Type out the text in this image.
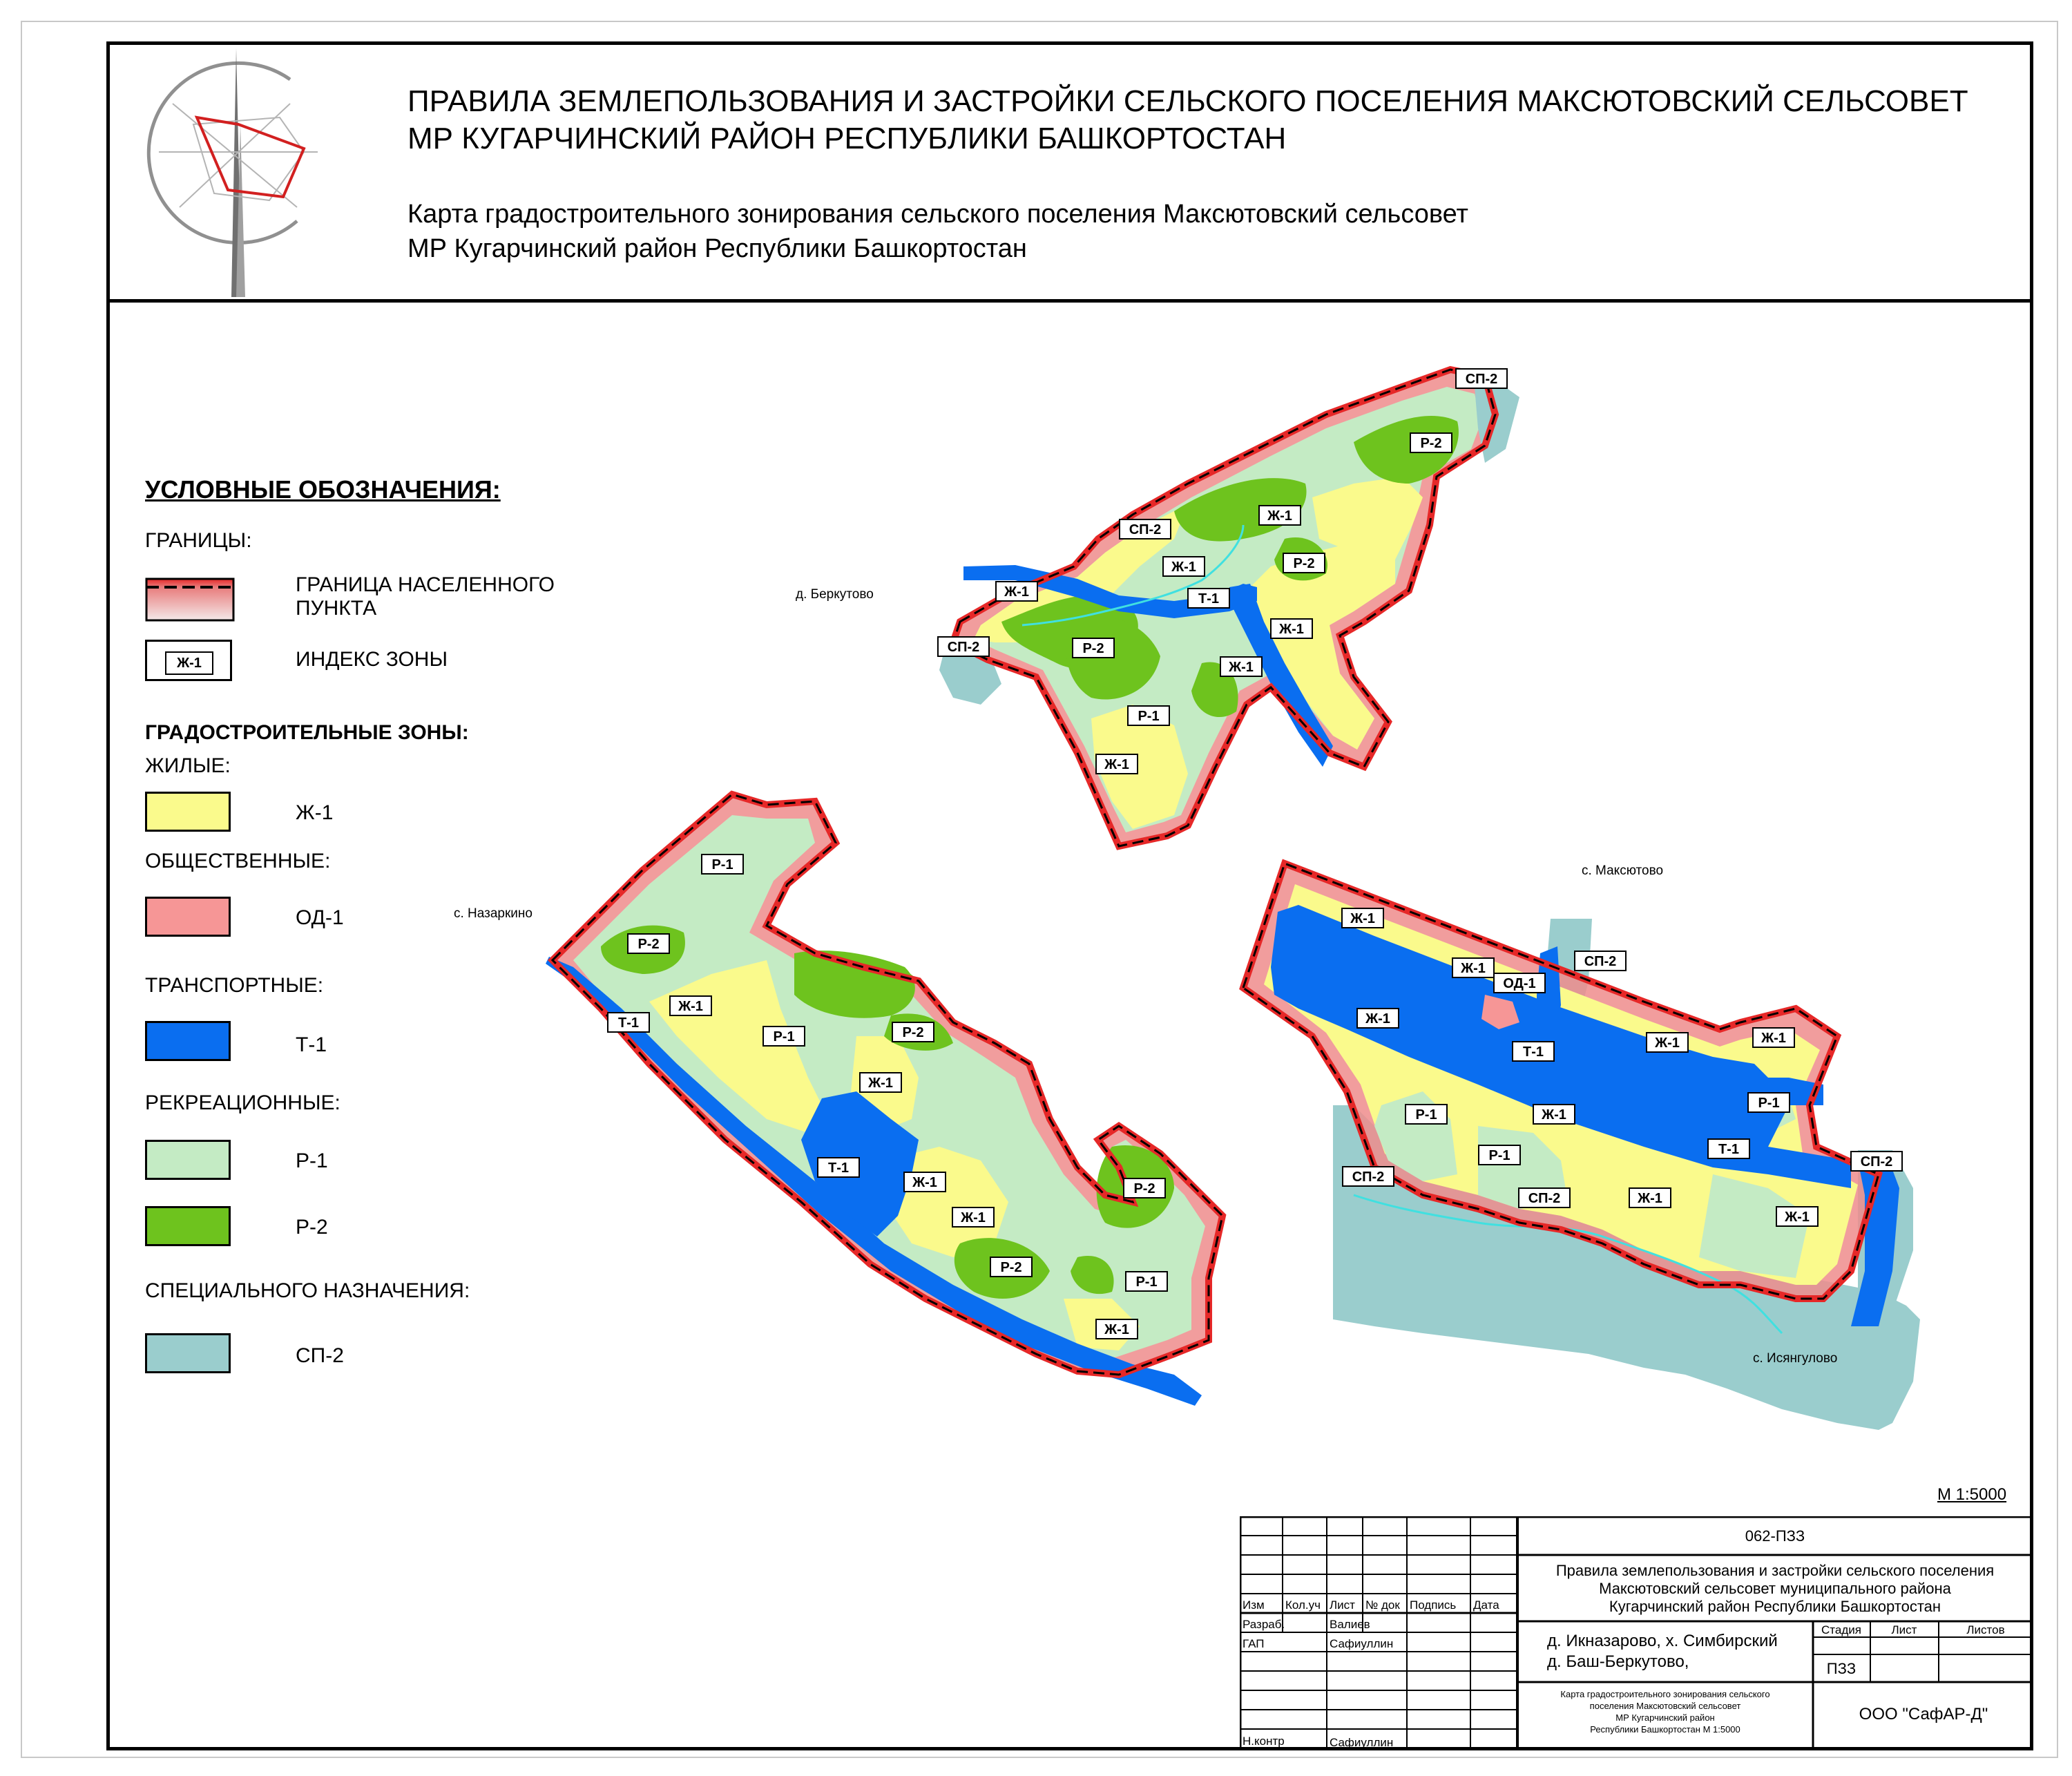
ПРАВИЛА ЗЕМЛЕПОЛЬЗОВАНИЯ И ЗАСТРОЙКИ СЕЛЬСКОГО ПОСЕЛЕНИЯ МАКСЮТОВСКИЙ СЕЛЬСОВЕТ
МР КУГАРЧИНСКИЙ РАЙОН РЕСПУБЛИКИ БАШКОРТОСТАН
Карта градостроительного зонирования сельского поселения Максютовский сельсовет
МР Кугарчинский район Республики Башкортостан
УСЛОВНЫЕ ОБОЗНАЧЕНИЯ:
ГРАНИЦЫ:
ГРАНИЦА НАСЕЛЕННОГО
ПУНКТА
Ж-1	ИНДЕКС ЗОНЫ
ГРАДОСТРОИТЕЛЬНЫЕ ЗОНЫ:
ЖИЛЫЕ:
Ж-1
ОБЩЕСТВЕННЫЕ:
ОД-1
ТРАНСПОРТНЫЕ:
Т-1
РЕКРЕАЦИОННЫЕ:
Р-1
Р-2
СПЕЦИАЛЬНОГО НАЗНАЧЕНИЯ:
СП-2
д. Беркутово
с. Назаркино
с. Максютово
с. Исянгулово
СП-2
Р-2
СП-2
Ж-1
Р-2
Ж-1
Ж-1
Т-1
Ж-1
СП-2	Р-2
Ж-1
Р-1
Ж-1
Р-1
Р-2
Т-1
Ж-1
Р-1	Р-2
Ж-1
Т-1
Ж-1
Ж-1
Р-2
Р-2
Р-1
Ж-1
Ж-1
Ж-1
ОД-1
СП-2
Ж-1
Т-1
Ж-1	Ж-1
Р-1
Р-1	Ж-1
Р-1	Т-1
СП-2
СП-2
СП-2
Ж-1
Ж-1
М 1:5000
Изм Кол.уч Лист № док Подпись Дата
Разраб.	Валиев
ГАП	Сафиуллин
Н.контр	Сафиуллин
062-ПЗЗ
Правила землепользования и застройки сельского поселения
Максютовский сельсовет муниципального района
Кугарчинский район Республики Башкортостан
д. Икназарово, х. Симбирский
д. Баш-Беркутово,
Стадия	Лист	Листов
ПЗЗ
Карта градостроительного зонирования сельского
поселения Максютовский сельсовет
МР Кугарчинский район
Республики Башкортостан М 1:5000
ООО "СафАР-Д"
